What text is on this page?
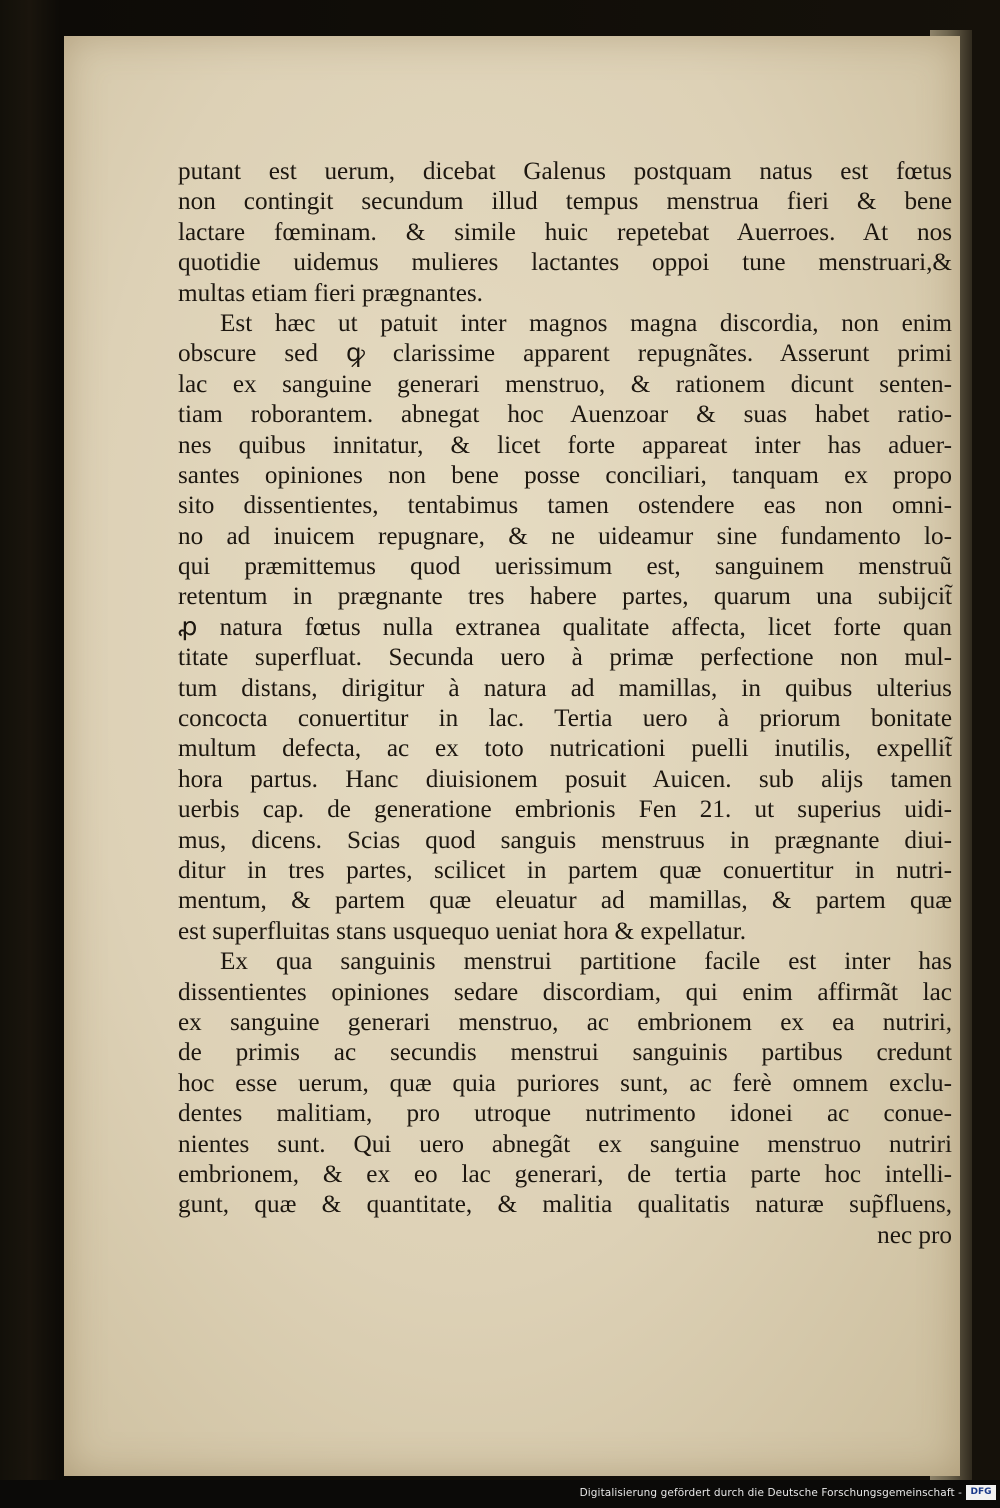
putant est uerum, dicebat Galenus postquam natus est fœtus
non contingit secundum illud tempus menstrua fieri & bene
lactare fœminam. & simile huic repetebat Auerroes. At nos
quotidie uidemus mulieres lactantes oppoi tune menstruari,&
multas etiam fieri prægnantes.
Est hæc ut patuit inter magnos magna discordia, non enim
obscure sed ꝙ clarissime apparent repugnãtes. Asserunt primi
lac ex sanguine generari menstruo, & rationem dicunt senten-
tiam roborantem. abnegat hoc Auenzoar & suas habet ratio-
nes quibus innitatur, & licet forte appareat inter has aduer-
santes opiniones non bene posse conciliari, tanquam ex propo
sito dissentientes, tentabimus tamen ostendere eas non omni-
no ad inuicem repugnare, & ne uideamur sine fundamento lo-
qui præmittemus quod uerissimum est, sanguinem menstruũ
retentum in prægnante tres habere partes, quarum una subijcit̃
ꝓ natura fœtus nulla extranea qualitate affecta, licet forte quan
titate superfluat. Secunda uero à primæ perfectione non mul-
tum distans, dirigitur à natura ad mamillas, in quibus ulterius
concocta conuertitur in lac. Tertia uero à priorum bonitate
multum defecta, ac ex toto nutricationi puelli inutilis, expellit̃
hora partus. Hanc diuisionem posuit Auicen. sub alijs tamen
uerbis cap. de generatione embrionis Fen 21. ut superius uidi-
mus, dicens. Scias quod sanguis menstruus in prægnante diui-
ditur in tres partes, scilicet in partem quæ conuertitur in nutri-
mentum, & partem quæ eleuatur ad mamillas, & partem quæ
est superfluitas stans usquequo ueniat hora & expellatur.
Ex qua sanguinis menstrui partitione facile est inter has
dissentientes opiniones sedare discordiam, qui enim affirmãt lac
ex sanguine generari menstruo, ac embrionem ex ea nutriri,
de primis ac secundis menstrui sanguinis partibus credunt
hoc esse uerum, quæ quia puriores sunt, ac ferè omnem exclu-
dentes malitiam, pro utroque nutrimento idonei ac conue-
nientes sunt. Qui uero abnegãt ex sanguine menstruo nutriri
embrionem, & ex eo lac generari, de tertia parte hoc intelli-
gunt, quæ & quantitate, & malitia qualitatis naturæ sup̃fluens,
nec pro
Digitalisierung gefördert durch die Deutsche Forschungsgemeinschaft - DFG
